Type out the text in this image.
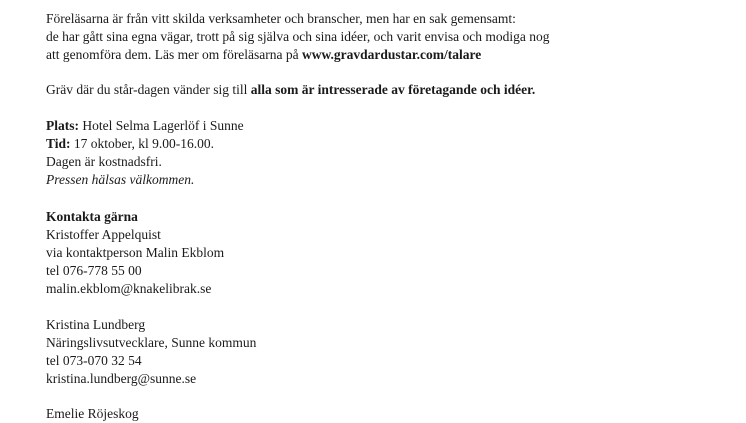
Föreläsarna är från vitt skilda verksamheter och branscher, men har en sak gemensamt:
de har gått sina egna vägar, trott på sig själva och sina idéer, och varit envisa och modiga nog
att genomföra dem. Läs mer om föreläsarna på www.gravdardustar.com/talare
Gräv där du står-dagen vänder sig till alla som är intresserade av företagande och idéer.
Plats: Hotel Selma Lagerlöf i Sunne
Tid: 17 oktober, kl 9.00-16.00.
Dagen är kostnadsfri.
Pressen hälsas välkommen.
Kontakta gärna
Kristoffer Appelquist
via kontaktperson Malin Ekblom
tel 076-778 55 00
malin.ekblom@knakelibrak.se
Kristina Lundberg
Näringslivsutvecklare, Sunne kommun
tel 073-070 32 54
kristina.lundberg@sunne.se
Emelie Röjeskog
